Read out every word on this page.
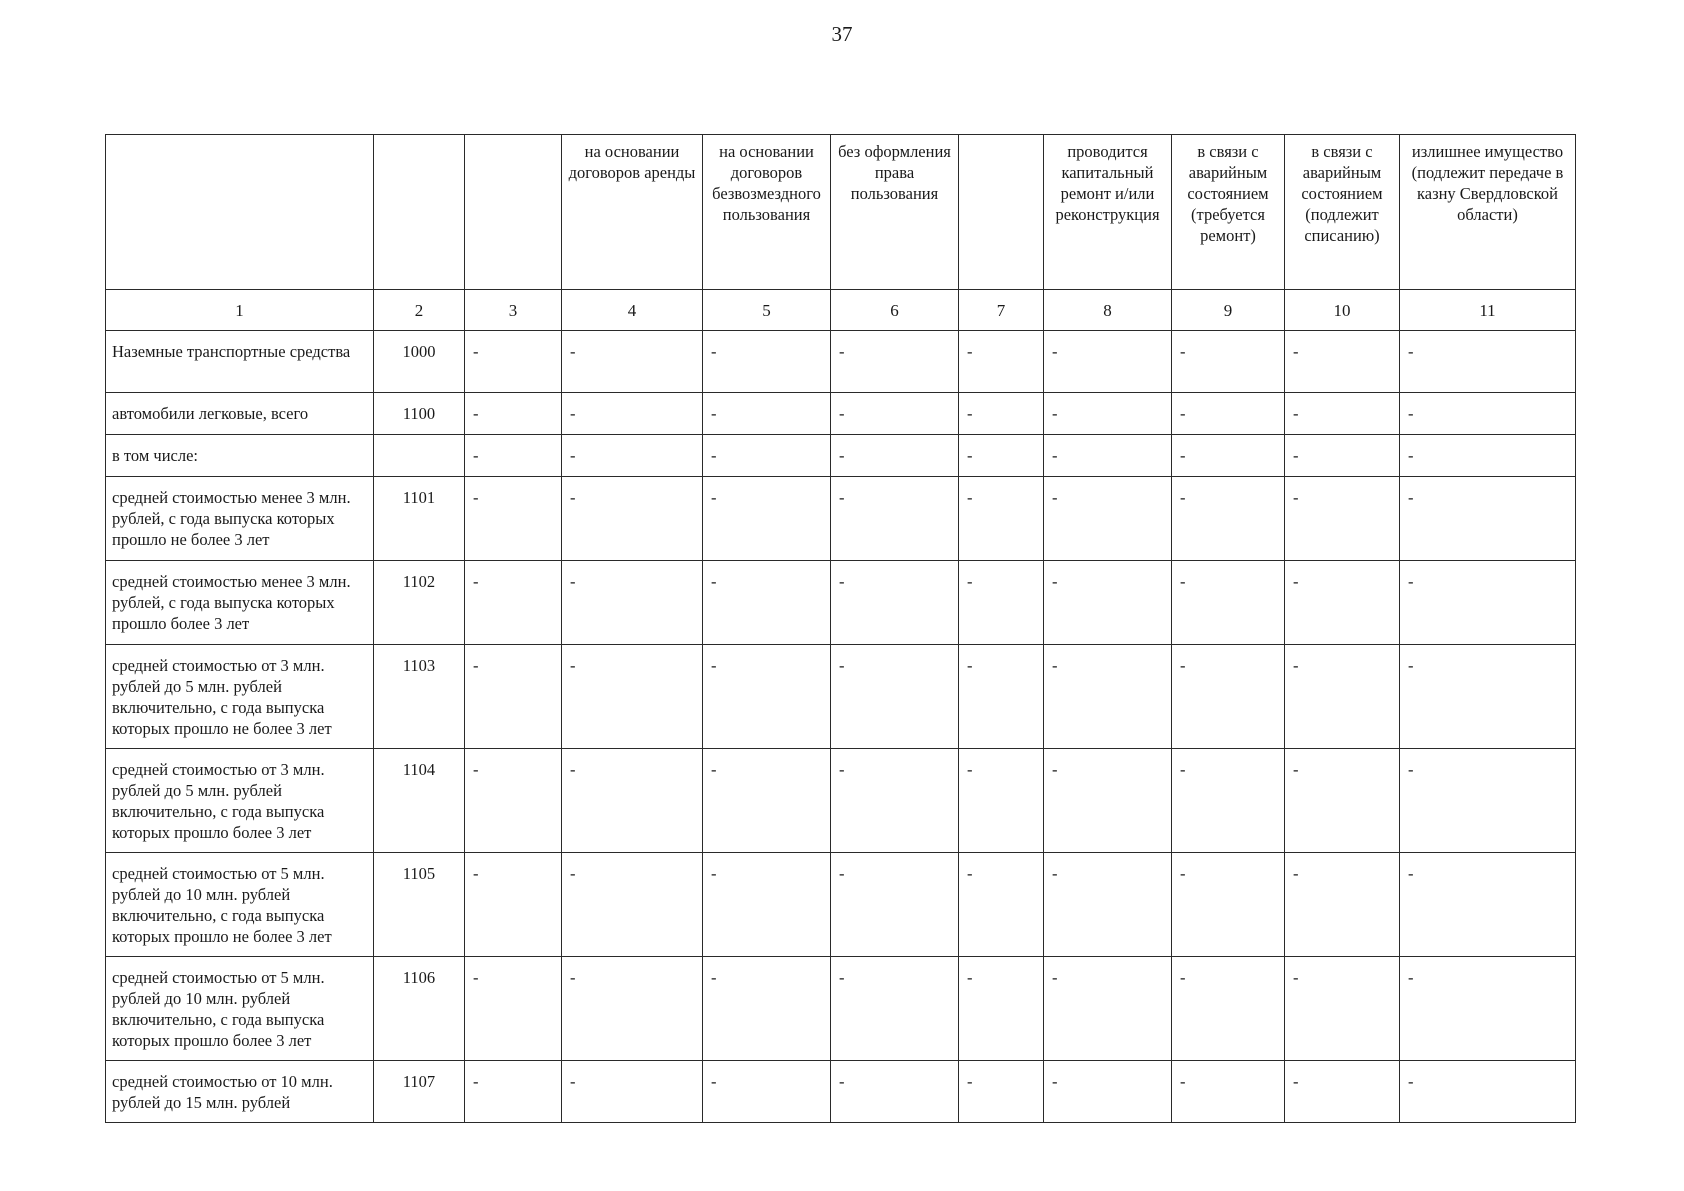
37
			на основании договоров аренды	на основании договоров безвозмездного пользования	без оформления права пользования		проводится капитальный ремонт и/или реконструкция	в связи с аварийным состоянием (требуется ремонт)	в связи с аварийным состоянием (подлежит списанию)	излишнее имущество (подлежит передаче в казну Свердловской области)
1	2	3	4	5	6	7	8	9	10	11
Наземные транспортные средства	1000	-	-	-	-	-	-	-	-	-
автомобили легковые, всего	1100	-	-	-	-	-	-	-	-	-
в том числе:		-	-	-	-	-	-	-	-	-
средней стоимостью менее 3 млн. рублей, с года выпуска которых прошло не более 3 лет	1101	-	-	-	-	-	-	-	-	-
средней стоимостью менее 3 млн. рублей, с года выпуска которых прошло более 3 лет	1102	-	-	-	-	-	-	-	-	-
средней стоимостью от 3 млн. рублей до 5 млн. рублей включительно, с года выпуска которых прошло не более 3 лет	1103	-	-	-	-	-	-	-	-	-
средней стоимостью от 3 млн. рублей до 5 млн. рублей включительно, с года выпуска которых прошло более 3 лет	1104	-	-	-	-	-	-	-	-	-
средней стоимостью от 5 млн. рублей до 10 млн. рублей включительно, с года выпуска которых прошло не более 3 лет	1105	-	-	-	-	-	-	-	-	-
средней стоимостью от 5 млн. рублей до 10 млн. рублей включительно, с года выпуска которых прошло более 3 лет	1106	-	-	-	-	-	-	-	-	-
средней стоимостью от 10 млн. рублей до 15 млн. рублей	1107	-	-	-	-	-	-	-	-	-
